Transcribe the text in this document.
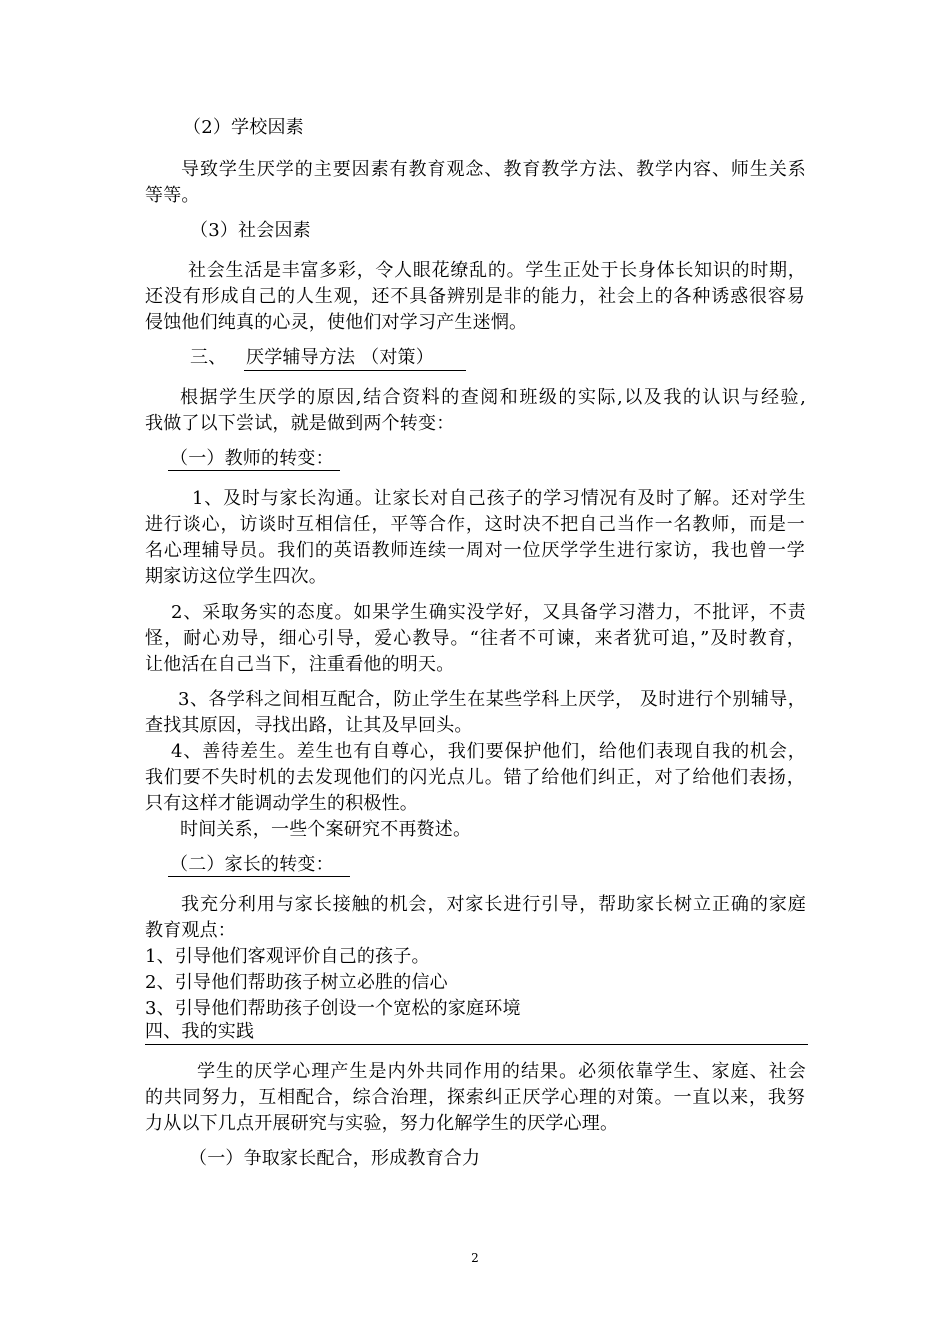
（2）学校因素

导致学生厌学的主要因素有教育观念、教育教学方法、教学内容、师生关系

等等。

（3）社会因素

社会生活是丰富多彩，令人眼花缭乱的。学生正处于长身体长知识的时期，

还没有形成自己的人生观，还不具备辨别是非的能力，社会上的各种诱惑很容易

侵蚀他们纯真的心灵，使他们对学习产生迷惘。

三、 厌学辅导方法 （对策）

根据学生厌学的原因,结合资料的查阅和班级的实际,以及我的认识与经验,

我做了以下尝试，就是做到两个转变：

（一）教师的转变：

1、及时与家长沟通。让家长对自己孩子的学习情况有及时了解。还对学生

进行谈心，访谈时互相信任，平等合作，这时决不把自己当作一名教师，而是一

名心理辅导员。我们的英语教师连续一周对一位厌学学生进行家访，我也曾一学

期家访这位学生四次。

2、采取务实的态度。如果学生确实没学好，又具备学习潜力，不批评，不责

怪，耐心劝导，细心引导，爱心教导。“往者不可谏，来者犹可追，”及时教育，

让他活在自己当下，注重看他的明天。

3、各学科之间相互配合，防止学生在某些学科上厌学， 及时进行个别辅导，

查找其原因，寻找出路，让其及早回头。

4、善待差生。差生也有自尊心，我们要保护他们，给他们表现自我的机会，

我们要不失时机的去发现他们的闪光点儿。错了给他们纠正，对了给他们表扬，

只有这样才能调动学生的积极性。

时间关系，一些个案研究不再赘述。

（二）家长的转变：

我充分利用与家长接触的机会，对家长进行引导，帮助家长树立正确的家庭

教育观点：

1、引导他们客观评价自己的孩子。

2、引导他们帮助孩子树立必胜的信心

3、引导他们帮助孩子创设一个宽松的家庭环境

四、我的实践

学生的厌学心理产生是内外共同作用的结果。必须依靠学生、家庭、社会

的共同努力，互相配合，综合治理，探索纠正厌学心理的对策。一直以来，我努

力从以下几点开展研究与实验，努力化解学生的厌学心理。

（一）争取家长配合，形成教育合力

2
